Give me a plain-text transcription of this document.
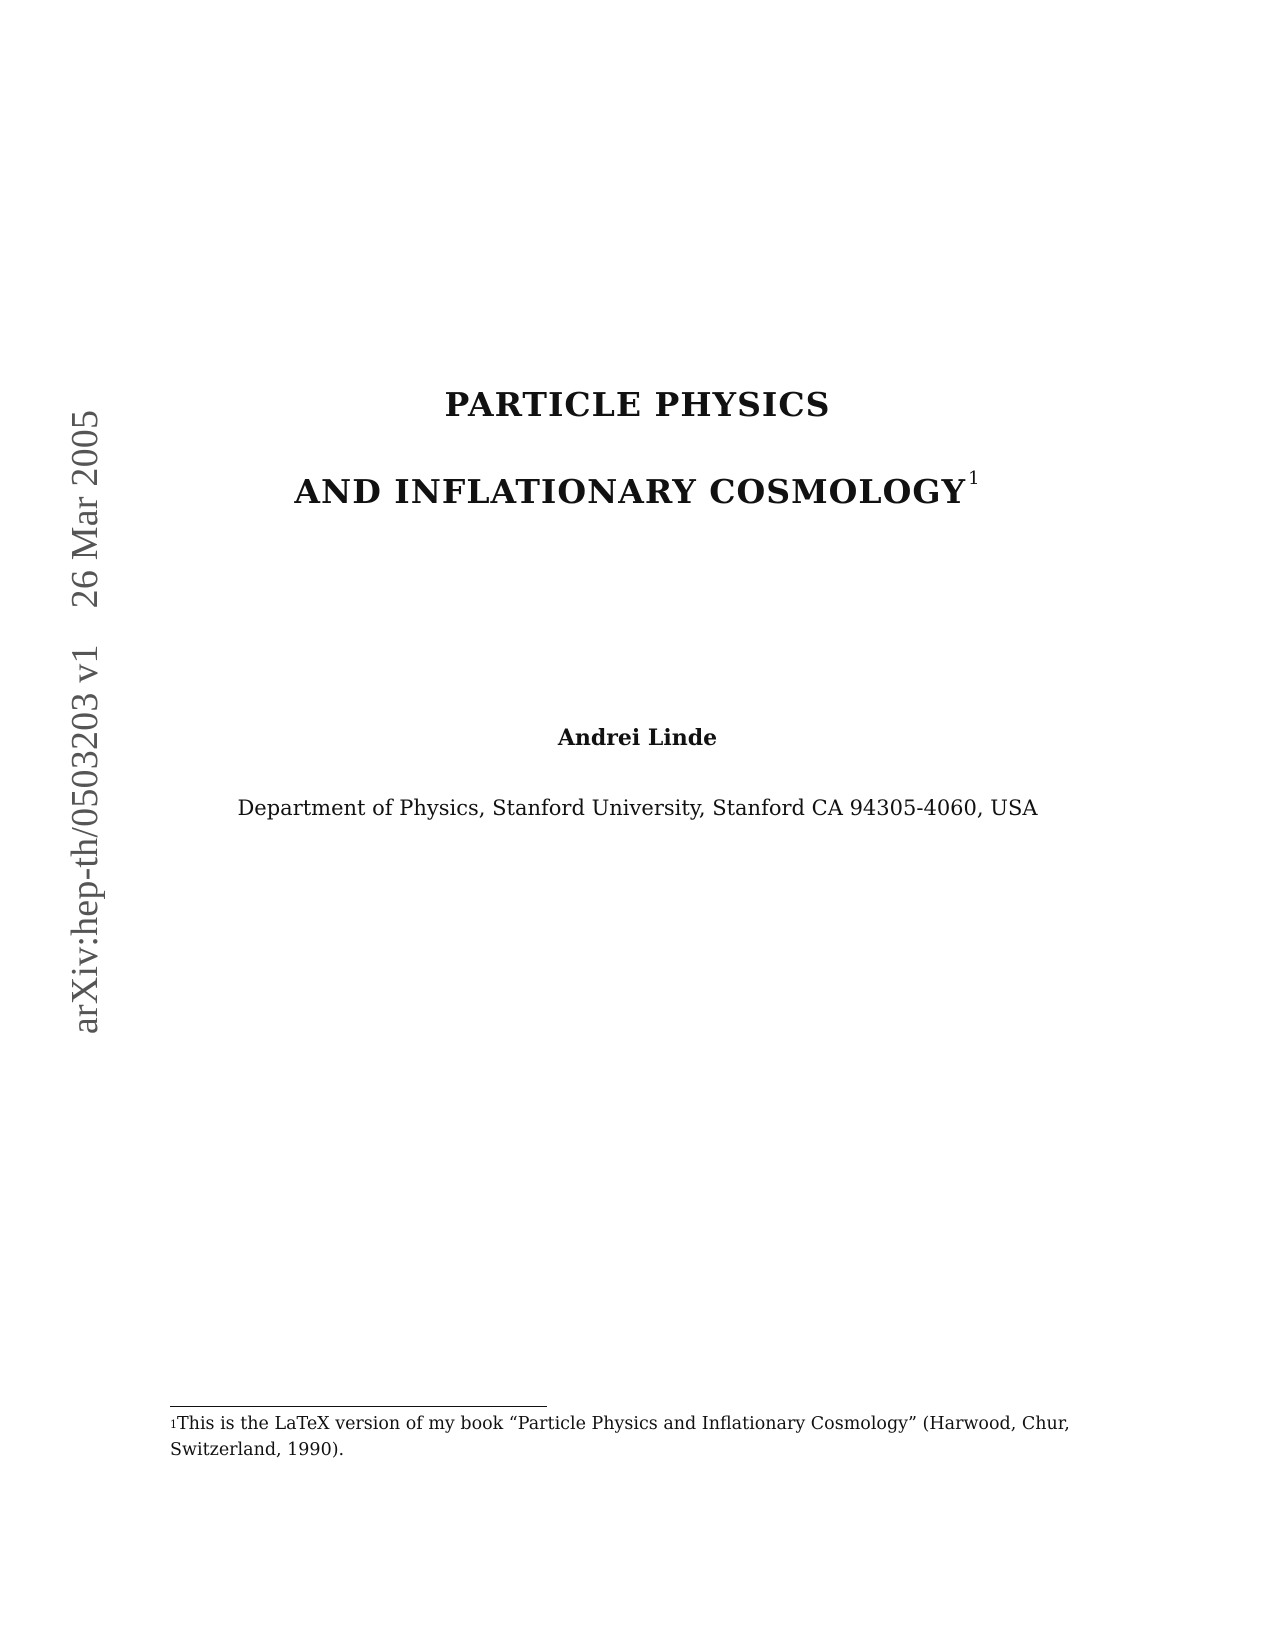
arXiv:hep-th/0503203 v126 Mar 2005
PARTICLE PHYSICS
AND INFLATIONARY COSMOLOGY $^1$
Andrei Linde
Department of Physics, Stanford University, Stanford CA 94305-4060, USA
$^1$This is the LaTeX version of my book “Particle Physics and Inflationary Cosmology” (Harwood, Chur, Switzerland, 1990).
